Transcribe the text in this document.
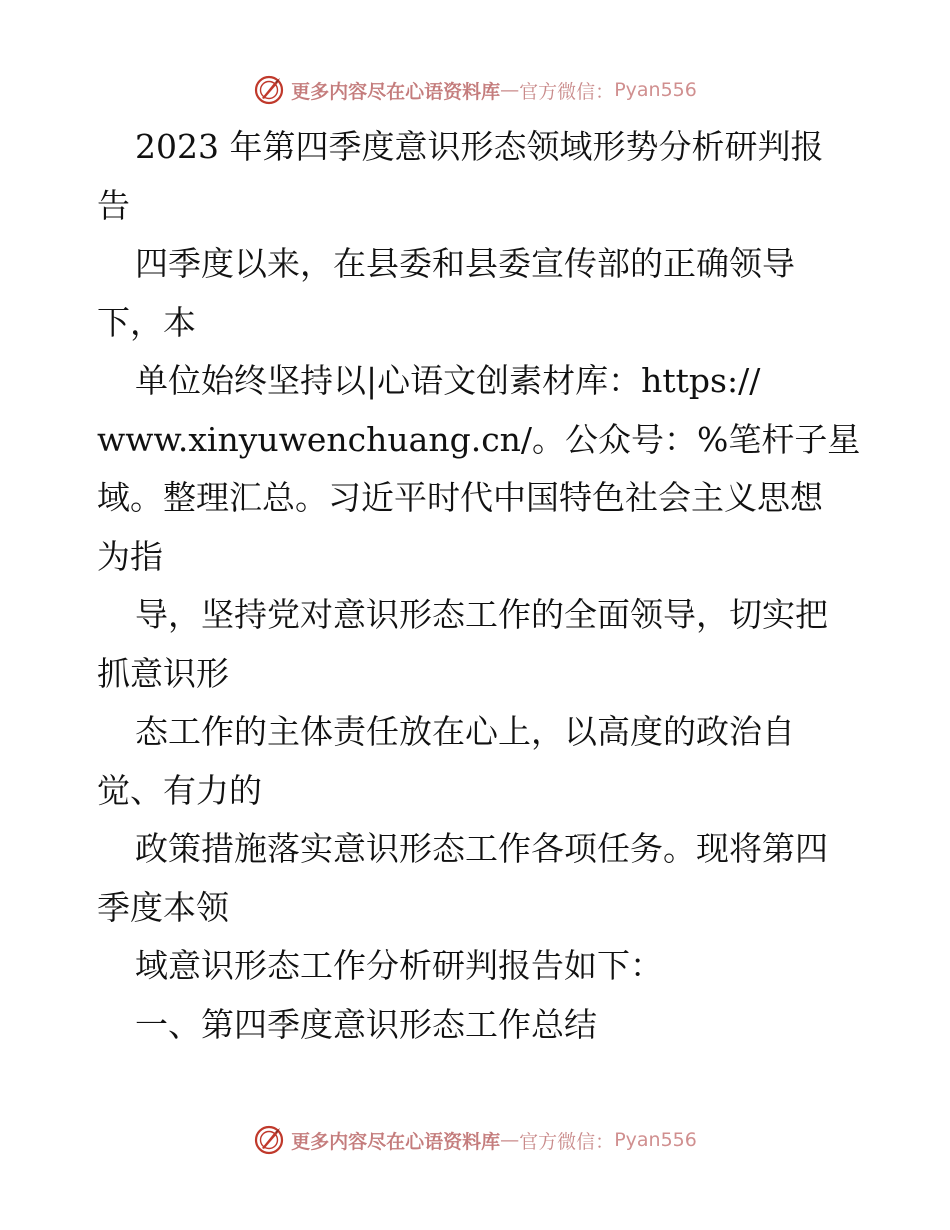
更多内容尽在心语资料库 — 官方微信： Pyan556
2023 年第四季度意识形态领域形势分析研判报
告
四季度以来，在县委和县委宣传部的正确领导
下，本
单位始终坚持以|心语文创素材库：https://
www.xinyuwenchuang.cn/。公众号：%笔杆子星
域。整理汇总。习近平时代中国特色社会主义思想
为指
导，坚持党对意识形态工作的全面领导，切实把
抓意识形
态工作的主体责任放在心上，以高度的政治自
觉、有力的
政策措施落实意识形态工作各项任务。现将第四
季度本领
域意识形态工作分析研判报告如下：
一、第四季度意识形态工作总结
更多内容尽在心语资料库 — 官方微信： Pyan556
